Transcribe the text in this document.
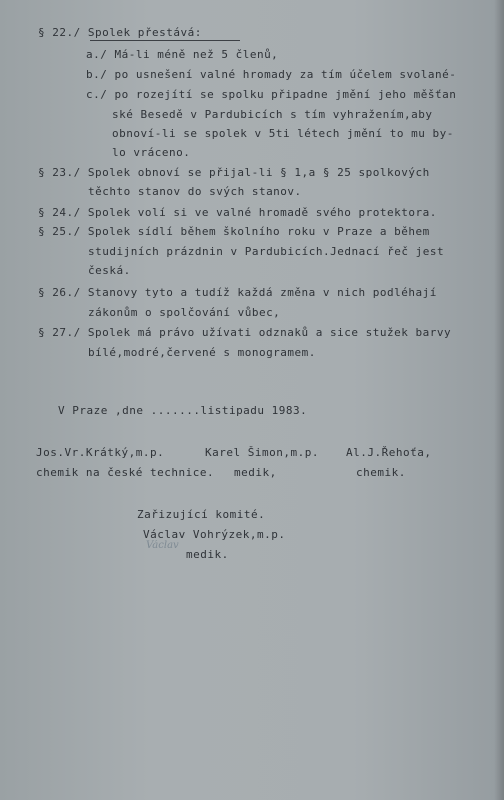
§ 22./ Spolek přestává:
a./ Má-li méně než 5 členů,
b./ po usnešení valné hromady za tím účelem svolané-
c./ po rozejítí se spolku připadne jmění jeho měšťan
ské Besedě v Pardubicích s tím vyhražením,aby
obnoví-li se spolek v 5ti létech jmění to mu by-
lo vráceno.
§ 23./ Spolek obnoví se přijal-li § 1,a § 25 spolkových
těchto stanov do svých stanov.
§ 24./ Spolek volí si ve valné hromadě svého protektora.
§ 25./ Spolek sídlí během školního roku v Praze a během
studijních prázdnin v Pardubicích.Jednací řeč jest
česká.
§ 26./ Stanovy tyto a tudíž každá změna v nich podléhají
zákonům o spolčování vůbec,
§ 27./ Spolek má právo užívati odznaků a sice stužek barvy
bílé,modré,červené s monogramem.
V Praze ,dne .......listipadu 1983.
Jos.Vr.Krátký,m.p.	Karel Šimon,m.p. Al.J.Řehoťa,
chemik na české technice. medik,	chemik.
Zařizující komité.
Václav Vohrýzek,m.p.
Václav
medik.
